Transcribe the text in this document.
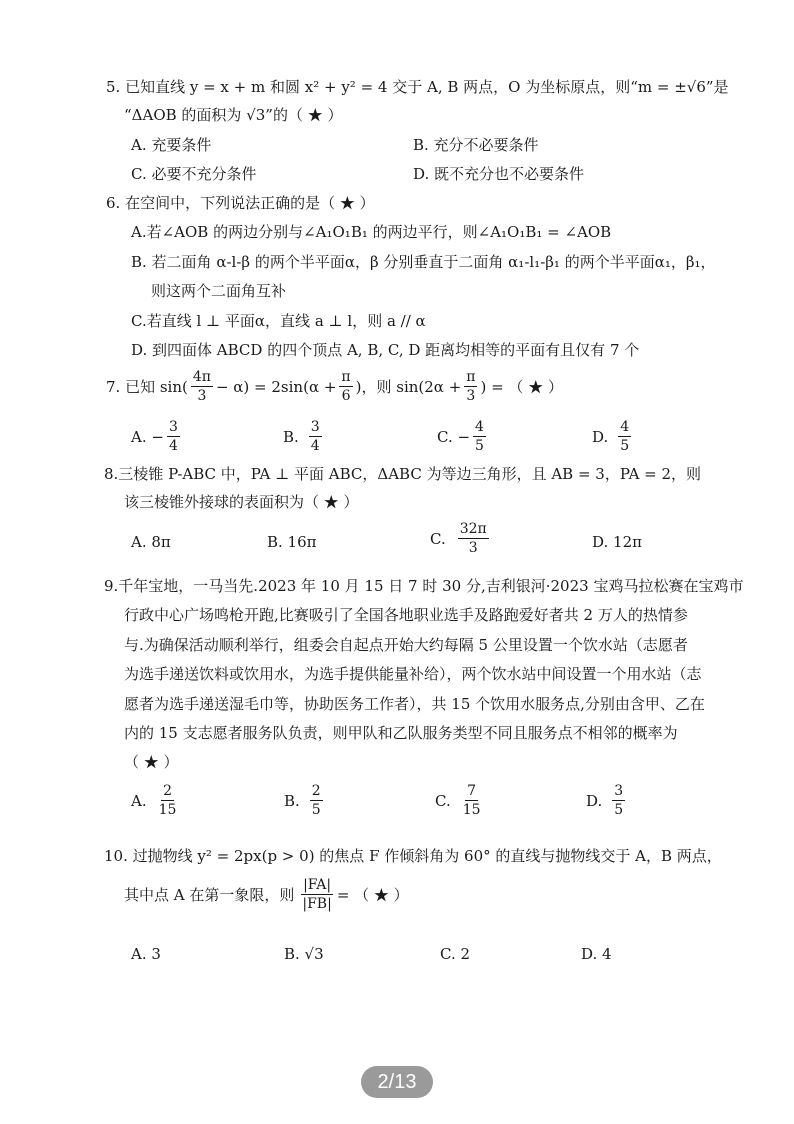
5. 已知直线 y = x + m 和圆 x² + y² = 4 交于 A, B 两点，O 为坐标原点，则“m = ±√6”是
“ΔAOB 的面积为 √3”的（ ★ ）
A. 充要条件	B. 充分不必要条件
C. 必要不充分条件	D. 既不充分也不必要条件
6. 在空间中，下列说法正确的是（ ★ ）
A.若∠AOB 的两边分别与∠A₁O₁B₁ 的两边平行，则∠A₁O₁B₁ = ∠AOB
B. 若二面角 α-l-β 的两个半平面α，β 分别垂直于二面角 α₁-l₁-β₁ 的两个半平面α₁，β₁，
则这两个二面角互补
C.若直线 l ⊥ 平面α，直线 a ⊥ l，则 a // α
D. 到四面体 ABCD 的四个顶点 A, B, C, D 距离均相等的平面有且仅有 7 个
7. 已知 $\sin( \frac{4\pi}{3} - \alpha) = 2\sin(\alpha + \frac{\pi}{6}$ )，则 $\sin(2\alpha + \frac{\pi}{3}$ ) = （ ★ ）
A. − $\frac{3}{4}$	B. $\frac{3}{4}$	C. − $\frac{4}{5}$	D. $\frac{4}{5}$
8.三棱锥 P-ABC 中，PA ⊥ 平面 ABC，ΔABC 为等边三角形，且 AB = 3，PA = 2，则
该三棱锥外接球的表面积为（ ★ ）
A. 8π	B. 16π	C. $\frac{32\pi}{3}$	D. 12π
9.千年宝地，一马当先.2023 年 10 月 15 日 7 时 30 分,吉利银河·2023 宝鸡马拉松赛在宝鸡市
行政中心广场鸣枪开跑,比赛吸引了全国各地职业选手及路跑爱好者共 2 万人的热情参
与.为确保活动顺利举行，组委会自起点开始大约每隔 5 公里设置一个饮水站（志愿者
为选手递送饮料或饮用水，为选手提供能量补给），两个饮水站中间设置一个用水站（志
愿者为选手递送湿毛巾等，协助医务工作者），共 15 个饮用水服务点,分别由含甲、乙在
内的 15 支志愿者服务队负责，则甲队和乙队服务类型不同且服务点不相邻的概率为
（ ★ ）
A. $\frac{2}{15}$	B. $\frac{2}{5}$	C. $\frac{7}{15}$	D. $\frac{3}{5}$
10. 过抛物线 y² = 2px(p > 0) 的焦点 F 作倾斜角为 60° 的直线与抛物线交于 A，B 两点，
其中点 A 在第一象限，则 $\frac{|FA|}{|FB|}$ = （ ★ ）
A. 3	B. √3	C. 2	D. 4
2/13
